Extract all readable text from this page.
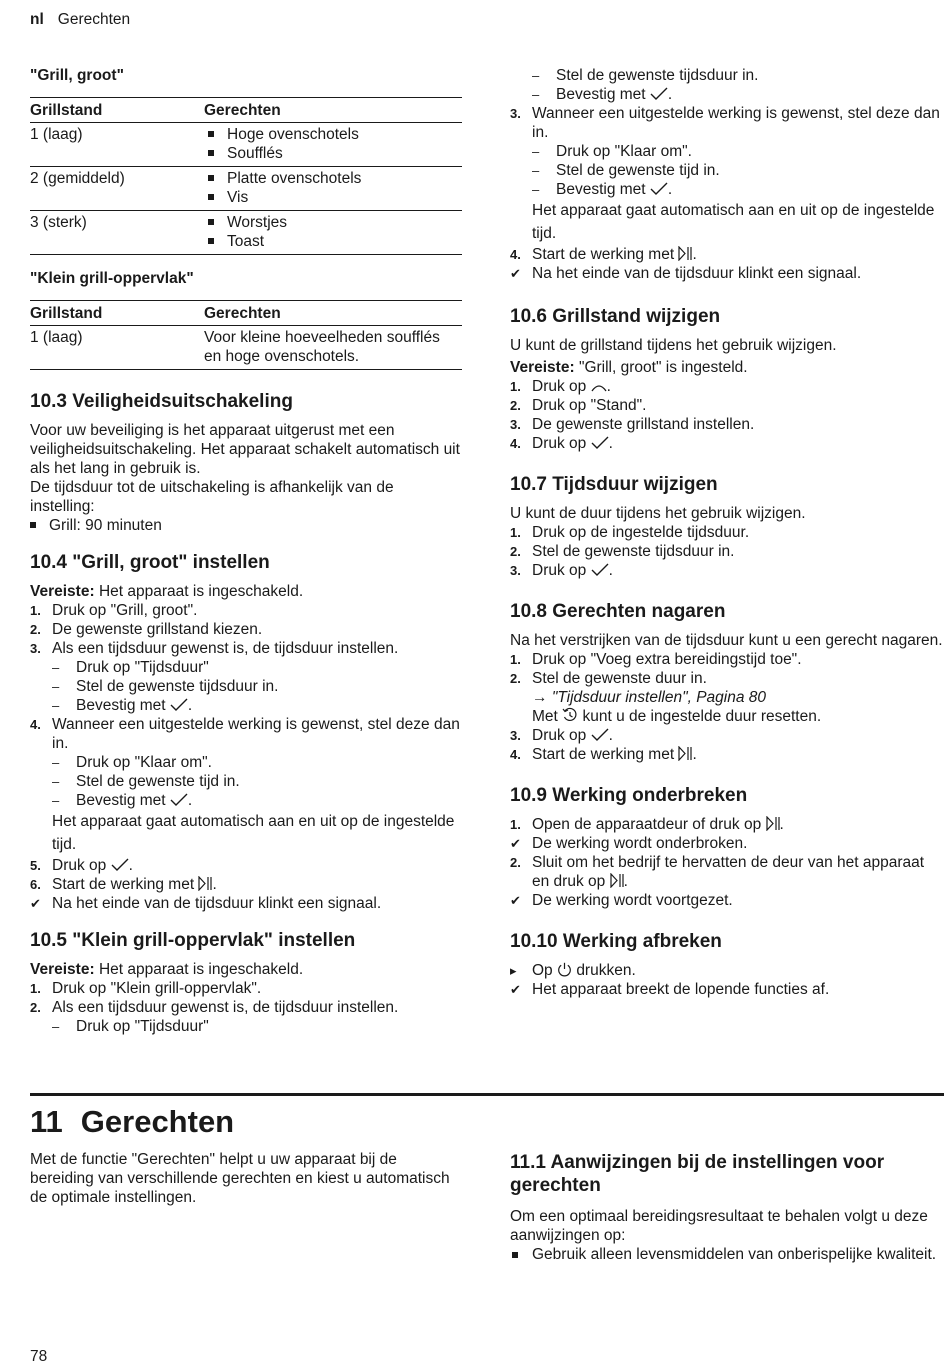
nl Gerechten
"Grill, groot"
Grillstand	Gerechten
1 (laag)	Hoge ovenschotels
Soufflés

2 (gemiddeld)	Platte ovenschotels
Vis

3 (sterk)	Worstjes
Toast
"Klein grill-oppervlak"
Grillstand	Gerechten
1 (laag)	Voor kleine hoeveelheden soufflés en hoge ovenschotels.
10.3 Veiligheidsuitschakeling

Voor uw beveiliging is het apparaat uitgerust met een veiligheidsuitschakeling. Het apparaat schakelt automatisch uit als het lang in gebruik is.

De tijdsduur tot de uitschakeling is afhankelijk van de instelling:

Grill: 90 minuten
10.4 "Grill, groot" instellen

Vereiste: Het apparaat is ingeschakeld.

1. Druk op "Grill, groot".
2. De gewenste grillstand kiezen.
3. Als een tijdsduur gewenst is, de tijdsduur instellen.
–	Druk op "Tijdsduur"
–	Stel de gewenste tijdsduur in.
–	Bevestig met .
4. Wanneer een uitgestelde werking is gewenst, stel deze dan in.
–	Druk op "Klaar om".
–	Stel de gewenste tijd in.
–	Bevestig met .
Het apparaat gaat automatisch aan en uit op de ingestelde tijd.
5. Druk op .
6. Start de werking met .
✔ Na het einde van de tijdsduur klinkt een signaal.
10.5 "Klein grill-oppervlak" instellen

Vereiste: Het apparaat is ingeschakeld.

1. Druk op "Klein grill-oppervlak".
2. Als een tijdsduur gewenst is, de tijdsduur instellen.
–	Druk op "Tijdsduur"
–	Stel de gewenste tijdsduur in.
–	Bevestig met .
3. Wanneer een uitgestelde werking is gewenst, stel deze dan in.
–	Druk op "Klaar om".
–	Stel de gewenste tijd in.
–	Bevestig met .
Het apparaat gaat automatisch aan en uit op de ingestelde tijd.
4. Start de werking met .
✔ Na het einde van de tijdsduur klinkt een signaal.
10.6 Grillstand wijzigen

U kunt de grillstand tijdens het gebruik wijzigen.

Vereiste: "Grill, groot" is ingesteld.

1. Druk op .
2. Druk op "Stand".
3. De gewenste grillstand instellen.
4. Druk op .
10.7 Tijdsduur wijzigen

U kunt de duur tijdens het gebruik wijzigen.

1. Druk op de ingestelde tijdsduur.
2. Stel de gewenste tijdsduur in.
3. Druk op .
10.8 Gerechten nagaren

Na het verstrijken van de tijdsduur kunt u een gerecht nagaren.

1. Druk op "Voeg extra bereidingstijd toe".
2. Stel de gewenste duur in.
→ "Tijdsduur instellen", Pagina 80
Met kunt u de ingestelde duur resetten.
3. Druk op .
4. Start de werking met .
10.9 Werking onderbreken
1. Open de apparaatdeur of druk op .
✔ De werking wordt onderbroken.
2. Sluit om het bedrijf te hervatten de deur van het apparaat en druk op .
✔ De werking wordt voortgezet.
10.10 Werking afbreken
▸ Op drukken.
✔ Het apparaat breekt de lopende functies af.
11 Gerechten

Met de functie "Gerechten" helpt u uw apparaat bij de bereiding van verschillende gerechten en kiest u automatisch de optimale instellingen.

11.1 Aanwijzingen bij de instellingen voor gerechten

Om een optimaal bereidingsresultaat te behalen volgt u deze aanwijzingen op:

Gebruik alleen levensmiddelen van onberispelijke kwaliteit.
78
